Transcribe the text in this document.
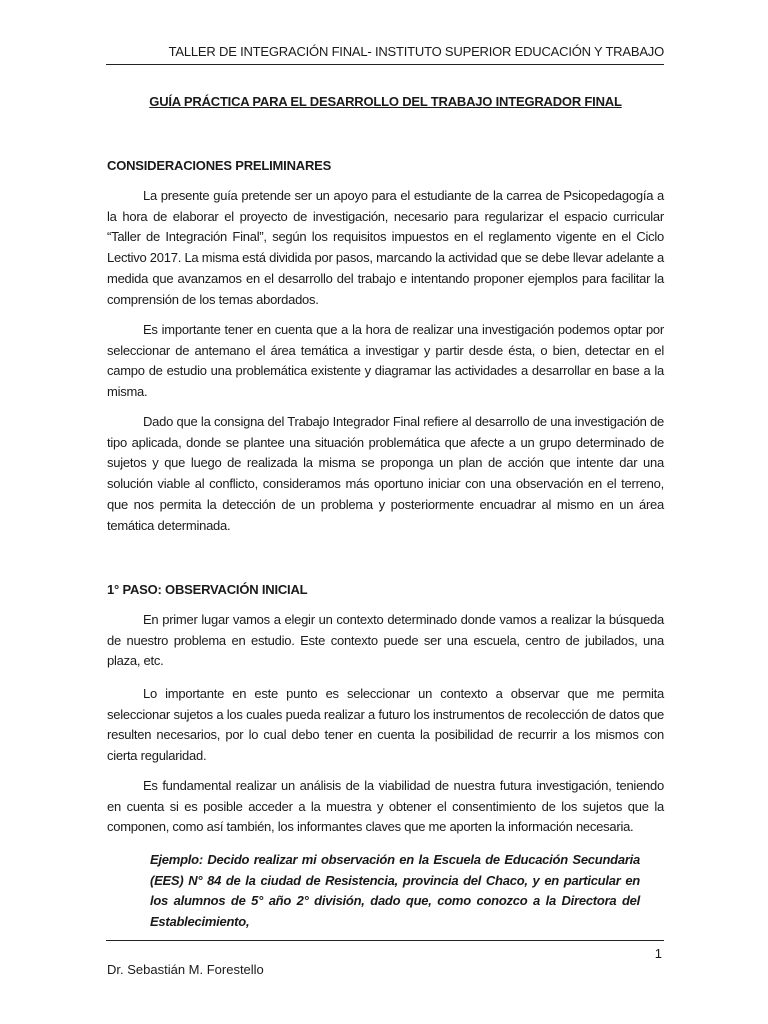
TALLER DE INTEGRACIÓN FINAL- INSTITUTO SUPERIOR EDUCACIÓN Y TRABAJO
GUÍA PRÁCTICA PARA EL DESARROLLO DEL TRABAJO INTEGRADOR FINAL
CONSIDERACIONES PRELIMINARES

La presente guía pretende ser un apoyo para el estudiante de la carrea de Psicopedagogía a la hora de elaborar el proyecto de investigación, necesario para regularizar el espacio curricular “Taller de Integración Final”, según los requisitos impuestos en el reglamento vigente en el Ciclo Lectivo 2017. La misma está dividida por pasos, marcando la actividad que se debe llevar adelante a medida que avanzamos en el desarrollo del trabajo e intentando proponer ejemplos para facilitar la comprensión de los temas abordados.

Es importante tener en cuenta que a la hora de realizar una investigación podemos optar por seleccionar de antemano el área temática a investigar y partir desde ésta, o bien, detectar en el campo de estudio una problemática existente y diagramar las actividades a desarrollar en base a la misma.

Dado que la consigna del Trabajo Integrador Final refiere al desarrollo de una investigación de tipo aplicada, donde se plantee una situación problemática que afecte a un grupo determinado de sujetos y que luego de realizada la misma se proponga un plan de acción que intente dar una solución viable al conflicto, consideramos más oportuno iniciar con una observación en el terreno, que nos permita la detección de un problema y posteriormente encuadrar al mismo en un área temática determinada.

1° PASO: OBSERVACIÓN INICIAL

En primer lugar vamos a elegir un contexto determinado donde vamos a realizar la búsqueda de nuestro problema en estudio. Este contexto puede ser una escuela, centro de jubilados, una plaza, etc.

Lo importante en este punto es seleccionar un contexto a observar que me permita seleccionar sujetos a los cuales pueda realizar a futuro los instrumentos de recolección de datos que resulten necesarios, por lo cual debo tener en cuenta la posibilidad de recurrir a los mismos con cierta regularidad.

Es fundamental realizar un análisis de la viabilidad de nuestra futura investigación, teniendo en cuenta si es posible acceder a la muestra y obtener el consentimiento de los sujetos que la componen, como así también, los informantes claves que me aporten la información necesaria.

Ejemplo: Decido realizar mi observación en la Escuela de Educación Secundaria (EES) N° 84 de la ciudad de Resistencia, provincia del Chaco, y en particular en los alumnos de 5° año 2° división, dado que, como conozco a la Directora del Establecimiento,

1
Dr. Sebastián M. Forestello
